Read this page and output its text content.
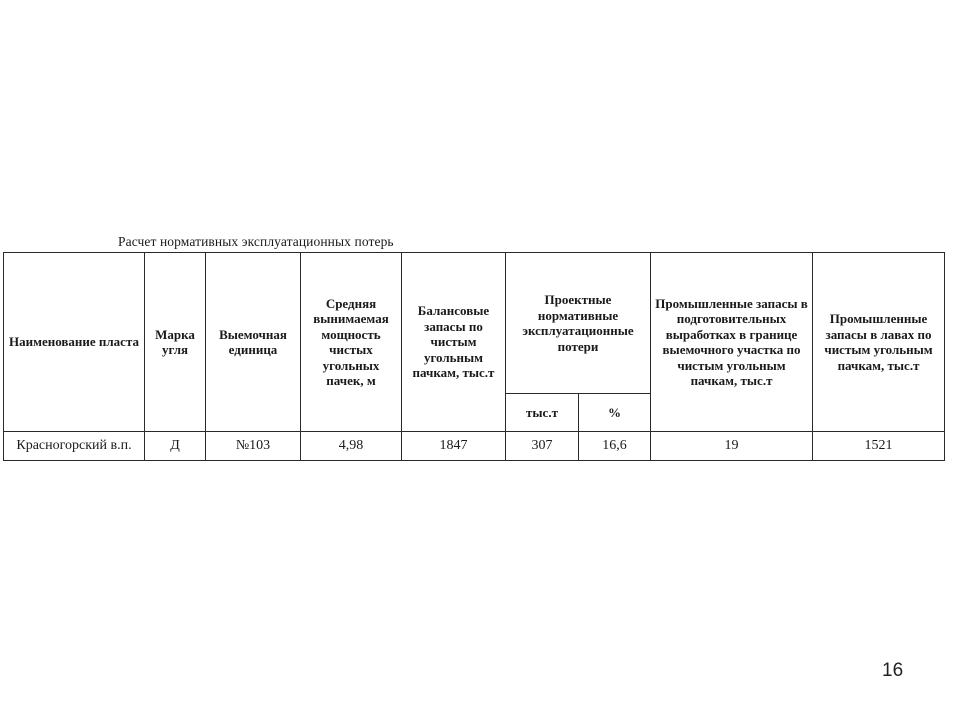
Расчет нормативных эксплуатационных потерь
Наименование пласта	Марка угля	Выемочная единица	Средняя вынимаемая мощность чистых угольных пачек, м	Балансовые запасы по чистым угольным пачкам, тыс.т	Проектные нормативные эксплуатационные потери		Промышленные запасы в подготовительных выработках в границе выемочного участка по чистым угольным пачкам, тыс.т	Промышленные запасы в лавах по чистым угольным пачкам, тыс.т
					тыс.т	%		
Красногорский в.п.	Д	№103	4,98	1847	307	16,6	19	1521
16
